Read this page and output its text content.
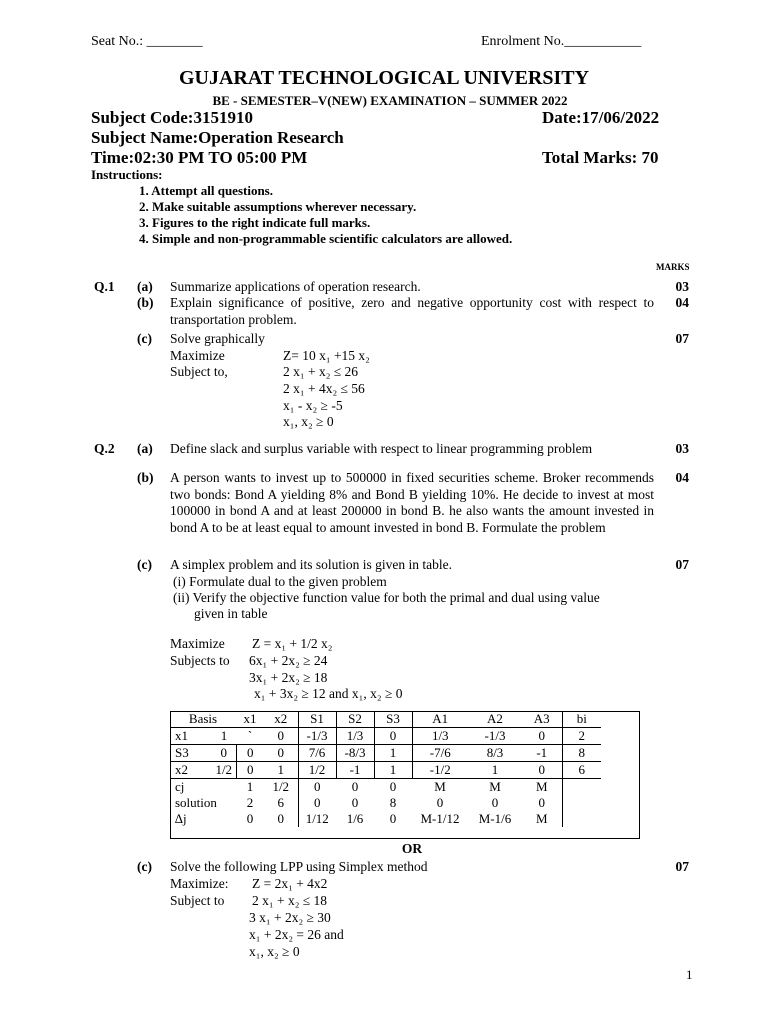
Seat No.: ________	Enrolment No.___________
GUJARAT TECHNOLOGICAL UNIVERSITY
BE - SEMESTER–V(NEW) EXAMINATION – SUMMER 2022
Subject Code:3151910	Date:17/06/2022
Subject Name:Operation Research
Time:02:30 PM TO 05:00 PM	Total Marks: 70
Instructions:
1. Attempt all questions.
2. Make suitable assumptions wherever necessary.
3. Figures to the right indicate full marks.
4. Simple and non-programmable scientific calculators are allowed.
MARKS
Q.1 (a) Summarize applications of operation research.	03
(b) Explain significance of positive, zero and negative opportunity cost with respect to transportation problem.
04
(c) Solve graphically	07
Maximize	Z= 10 x₁ +15 x₂
Subject to,	2 x₁ + x₂ ≤ 26
2 x₁ + 4x₂ ≤ 56
x₁ - x₂ ≥ -5
x₁, x₂ ≥ 0
Q.2 (a) Define slack and surplus variable with respect to linear programming problem	03
(b) A person wants to invest up to 500000 in fixed securities scheme. Broker recommends two bonds: Bond A yielding 8% and Bond B yielding 10%. He decide to invest at most 100000 in bond A and at least 200000 in bond B. he also wants the amount invested in bond A to be at least equal to amount invested in bond B. Formulate the problem
04
(c) A simplex problem and its solution is given in table.	07
(i) Formulate dual to the given problem
(ii) Verify the objective function value for both the primal and dual using value
given in table
Maximize Z = x₁ + 1/2 x₂
Subjects to 6x₁ + 2x₂ ≥ 24
3x₁ + 2x₂ ≥ 18
x₁ + 3x₂ ≥ 12 and x₁, x₂ ≥ 0
Basis		x1	x2	S1	S2	S3	A1	A2	A3	bi
x1	1	`	0	-1/3	1/3	0	1/3	-1/3	0	2
S3	0	0	0	7/6	-8/3	1	-7/6	8/3	-1	8
x2	1/2	0	1	1/2	-1	1	-1/2	1	0	6
cj		1	1/2	0	0	0	M	M	M	
solution		2	6	0	0	8	0	0	0	
∆j		0	0	1/12	1/6	0	M-1/12	M-1/6	M	
OR
(c) Solve the following LPP using Simplex method	07
Maximize: Z = 2x₁ + 4x2
Subject to 2 x₁ + x₂ ≤ 18
3 x₁ + 2x₂ ≥ 30
x₁ + 2x₂ = 26 and
x₁, x₂ ≥ 0
1
